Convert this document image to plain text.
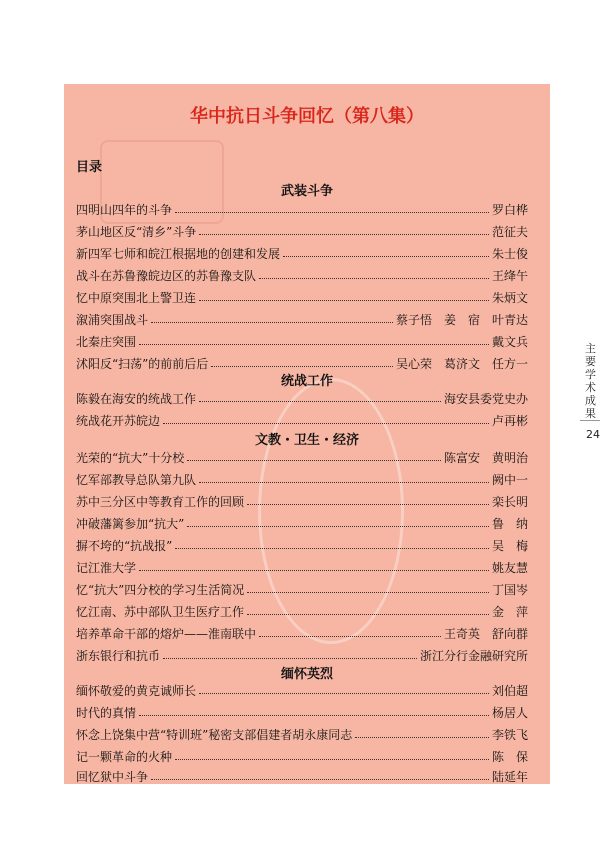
华中抗日斗争回忆（第八集）
目录
武装斗争
四明山四年的斗争	罗白桦
茅山地区反“清乡”斗争	范征夫
新四军七师和皖江根据地的创建和发展	朱士俊
战斗在苏鲁豫皖边区的苏鲁豫支队	王绛午
忆中原突围北上警卫连	朱炳文
溆浦突围战斗	蔡子悟　姜　宿　叶青达
北秦庄突围	戴文兵
沭阳反“扫荡”的前前后后	吴心荣　葛济文　任方一
统战工作
陈毅在海安的统战工作	海安县委党史办
统战花开苏皖边	卢再彬
文教・卫生・经济
光荣的“抗大”十分校	陈富安　黄明治
忆军部教导总队第九队	阙中一
苏中三分区中等教育工作的回顾	栾长明
冲破藩篱参加“抗大”	鲁　纳
摒不垮的“抗战报”	吴　梅
记江淮大学	姚友慧
忆“抗大”四分校的学习生活简况	丁国岑
忆江南、苏中部队卫生医疗工作	金　萍
培养革命干部的熔炉——淮南联中	王奇英　舒向群
浙东银行和抗币	浙江分行金融研究所
缅怀英烈
缅怀敬爱的黄克诚师长	刘伯超
时代的真情	杨居人
怀念上饶集中营“特训班”秘密支部倡建者胡永康同志	李铁飞
记一颗革命的火种	陈　保
回忆狱中斗争	陆延年
主要学术成果
24
